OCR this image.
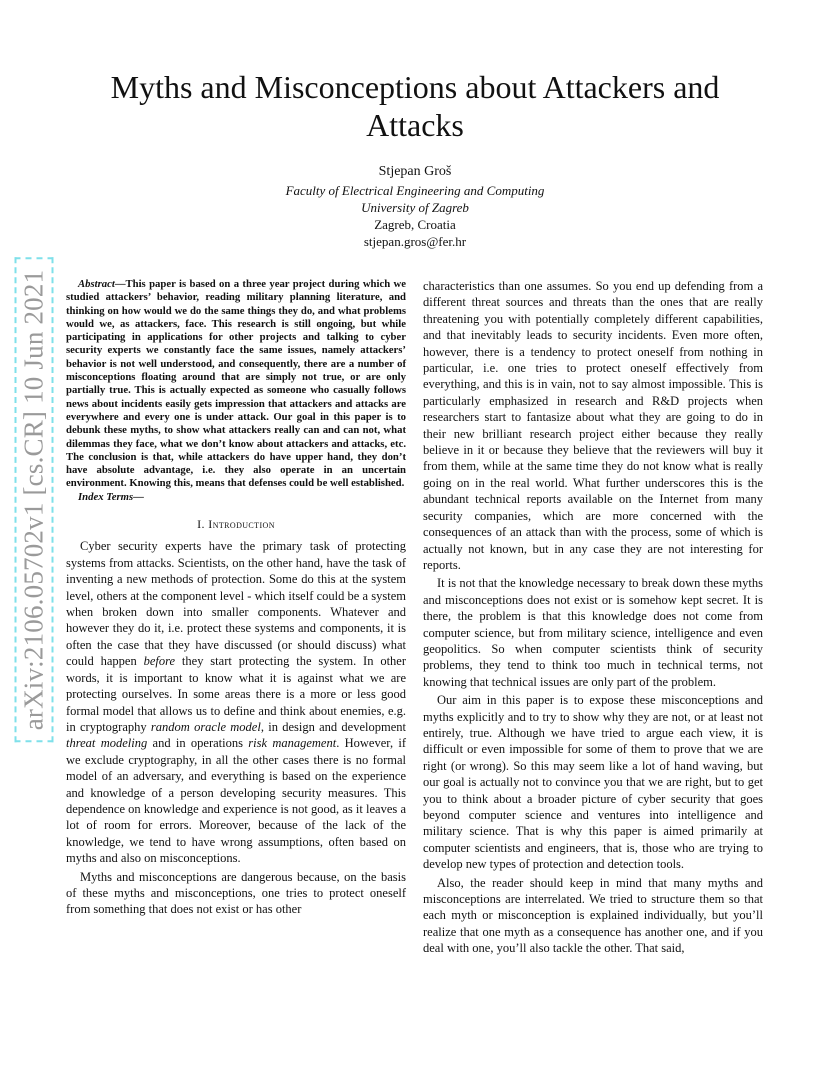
arXiv:2106.05702v1 [cs.CR] 10 Jun 2021
Myths and Misconceptions about Attackers and Attacks
Stjepan Groš
Faculty of Electrical Engineering and Computing
University of Zagreb
Zagreb, Croatia
stjepan.gros@fer.hr

Abstract—This paper is based on a three year project during which we studied attackers’ behavior, reading military planning literature, and thinking on how would we do the same things they do, and what problems would we, as attackers, face. This research is still ongoing, but while participating in applications for other projects and talking to cyber security experts we constantly face the same issues, namely attackers’ behavior is not well understood, and consequently, there are a number of misconceptions floating around that are simply not true, or are only partially true. This is actually expected as someone who casually follows news about incidents easily gets impression that attackers and attacks are everywhere and every one is under attack. Our goal in this paper is to debunk these myths, to show what attackers really can and can not, what dilemmas they face, what we don’t know about attackers and attacks, etc. The conclusion is that, while attackers do have upper hand, they don’t have absolute advantage, i.e. they also operate in an uncertain environment. Knowing this, means that defenses could be well established.

Index Terms—

I. Introduction

Cyber security experts have the primary task of protecting systems from attacks. Scientists, on the other hand, have the task of inventing a new methods of protection. Some do this at the system level, others at the component level - which itself could be a system when broken down into smaller components. Whatever and however they do it, i.e. protect these systems and components, it is often the case that they have discussed (or should discuss) what could happen before they start protecting the system. In other words, it is important to know what it is against what we are protecting ourselves. In some areas there is a more or less good formal model that allows us to define and think about enemies, e.g. in cryptography random oracle model, in design and development threat modeling and in operations risk management. However, if we exclude cryptography, in all the other cases there is no formal model of an adversary, and everything is based on the experience and knowledge of a person developing security measures. This dependence on knowledge and experience is not good, as it leaves a lot of room for errors. Moreover, because of the lack of the knowledge, we tend to have wrong assumptions, often based on myths and also on misconceptions.

Myths and misconceptions are dangerous because, on the basis of these myths and misconceptions, one tries to protect oneself from something that does not exist or has other

characteristics than one assumes. So you end up defending from a different threat sources and threats than the ones that are really threatening you with potentially completely different capabilities, and that inevitably leads to security incidents. Even more often, however, there is a tendency to protect oneself from nothing in particular, i.e. one tries to protect oneself effectively from everything, and this is in vain, not to say almost impossible. This is particularly emphasized in research and R&D projects when researchers start to fantasize about what they are going to do in their new brilliant research project either because they really believe in it or because they believe that the reviewers will buy it from them, while at the same time they do not know what is really going on in the real world. What further underscores this is the abundant technical reports available on the Internet from many security companies, which are more concerned with the consequences of an attack than with the process, some of which is actually not known, but in any case they are not interesting for reports.

It is not that the knowledge necessary to break down these myths and misconceptions does not exist or is somehow kept secret. It is there, the problem is that this knowledge does not come from computer science, but from military science, intelligence and even geopolitics. So when computer scientists think of security problems, they tend to think too much in technical terms, not knowing that technical issues are only part of the problem.

Our aim in this paper is to expose these misconceptions and myths explicitly and to try to show why they are not, or at least not entirely, true. Although we have tried to argue each view, it is difficult or even impossible for some of them to prove that we are right (or wrong). So this may seem like a lot of hand waving, but our goal is actually not to convince you that we are right, but to get you to think about a broader picture of cyber security that goes beyond computer science and ventures into intelligence and military science. That is why this paper is aimed primarily at computer scientists and engineers, that is, those who are trying to develop new types of protection and detection tools.

Also, the reader should keep in mind that many myths and misconceptions are interrelated. We tried to structure them so that each myth or misconception is explained individually, but you’ll realize that one myth as a consequence has another one, and if you deal with one, you’ll also tackle the other. That said,
